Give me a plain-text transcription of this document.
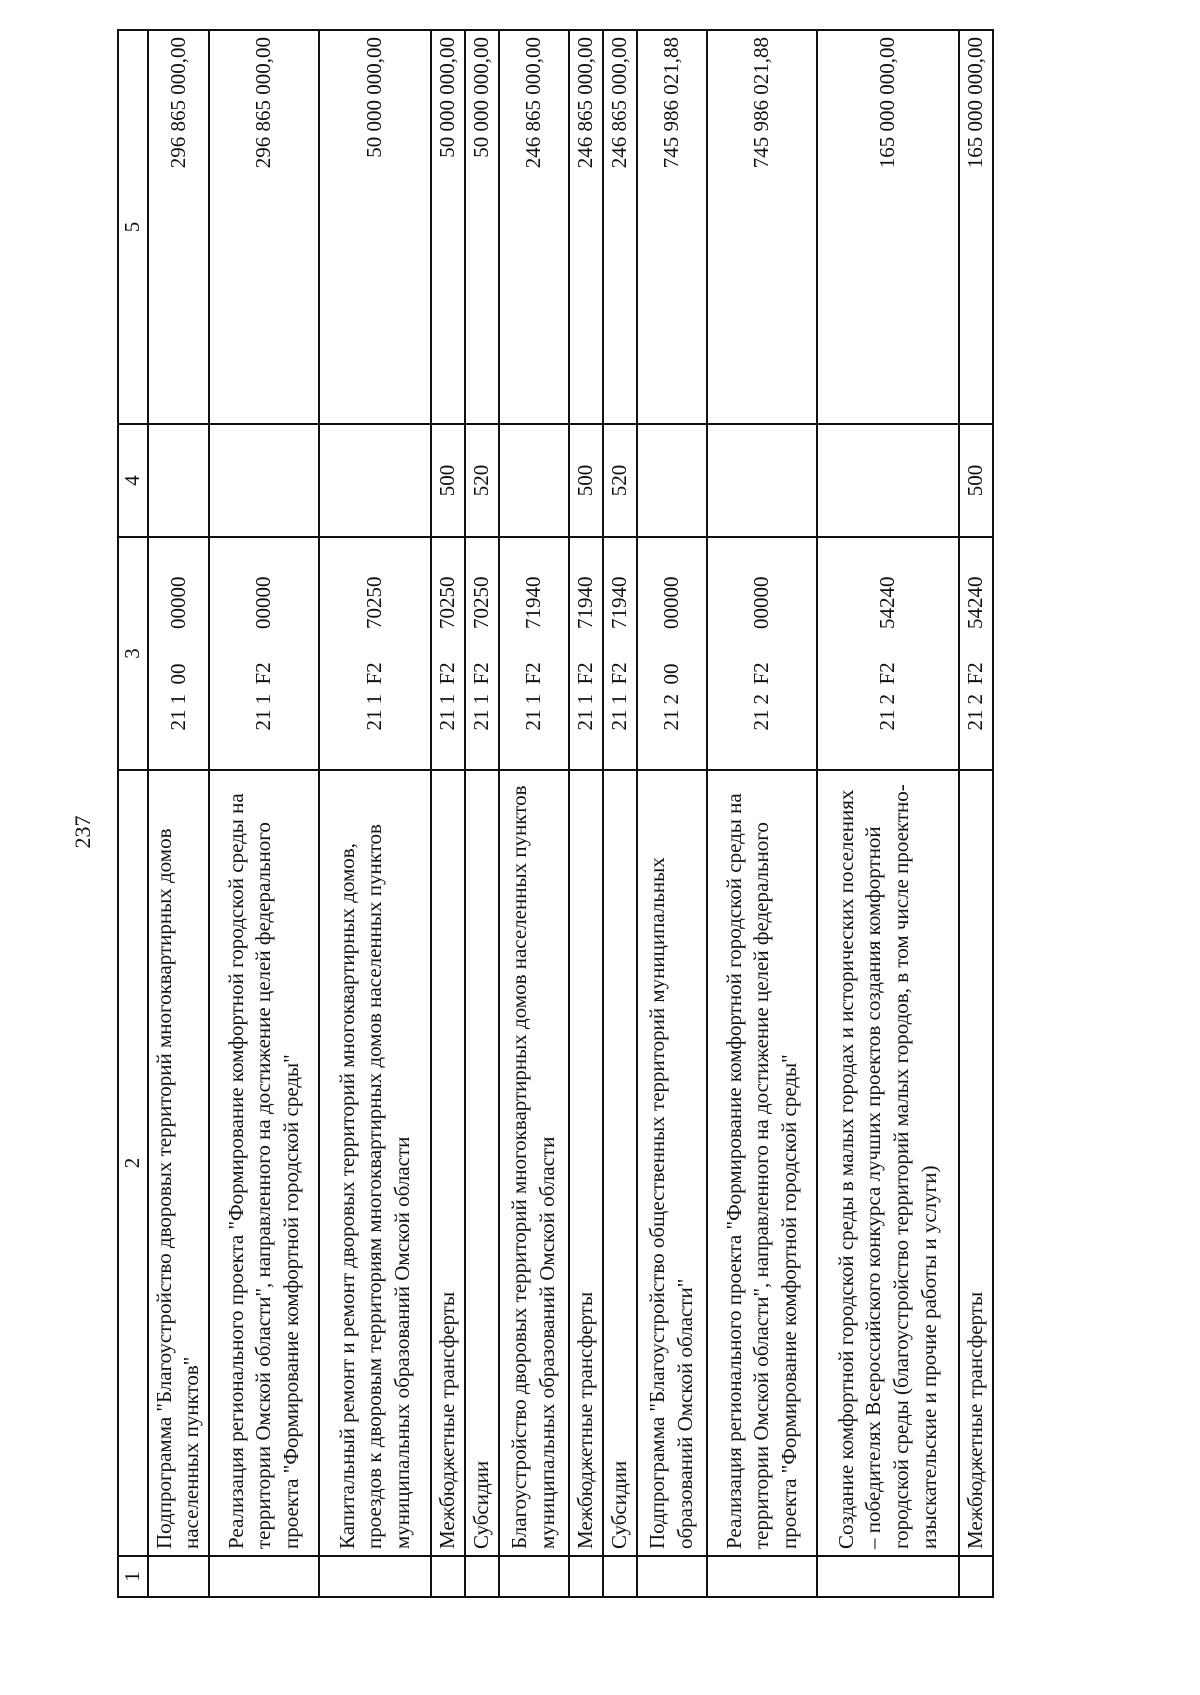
237
1	2	3	4	5
	Подпрограмма "Благоустройство дворовых территорий многоквартирных домов населенных пунктов"	2110000000		296 865 000,00
	Реализация регионального проекта "Формирование комфортной городской среды на территории Омской области", направленного на достижение целей федерального проекта "Формирование комфортной городской среды"	211F200000		296 865 000,00
	Капитальный ремонт и ремонт дворовых территорий многоквартирных домов, проездов к дворовым территориям многоквартирных домов населенных пунктов муниципальных образований Омской области	211F270250		50 000 000,00
	Межбюджетные трансферты	211F270250	500	50 000 000,00
	Субсидии	211F270250	520	50 000 000,00
	Благоустройство дворовых территорий многоквартирных домов населенных пунктов муниципальных образований Омской области	211F271940		246 865 000,00
	Межбюджетные трансферты	211F271940	500	246 865 000,00
	Субсидии	211F271940	520	246 865 000,00
	Подпрограмма "Благоустройство общественных территорий муниципальных образований Омской области"	2120000000		745 986 021,88
	Реализация регионального проекта "Формирование комфортной городской среды на территории Омской области", направленного на достижение целей федерального проекта "Формирование комфортной городской среды"	212F200000		745 986 021,88
	Создание комфортной городской среды в малых городах и исторических поселениях – победителях Всероссийского конкурса лучших проектов создания комфортной городской среды (благоустройство территорий малых городов, в том числе проектно-изыскательские и прочие работы и услуги)	212F254240		165 000 000,00
	Межбюджетные трансферты	212F254240	500	165 000 000,00
